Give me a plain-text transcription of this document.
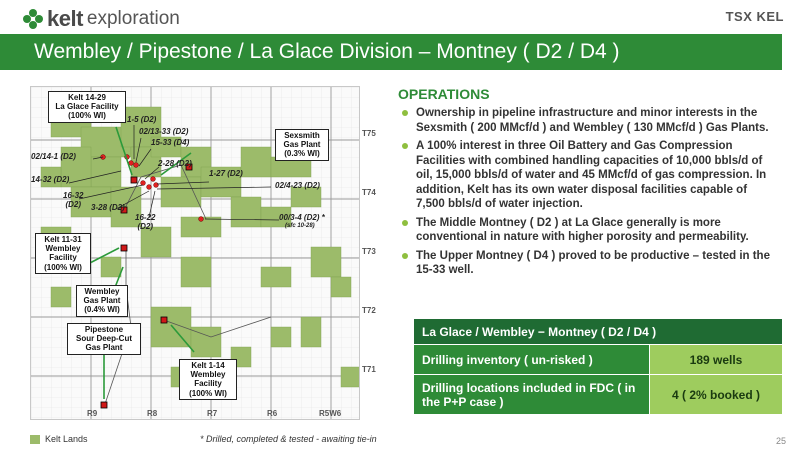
kelt exploration	TSX KEL
Wembley / Pipestone / La Glace Division – Montney ( D2 / D4 )
Kelt 14-29
La Glace Facility
(100% WI)
Sexsmith
Gas Plant
(0.3% WI)
Kelt 11-31
Wembley
Facility
(100% WI)
Wembley
Gas Plant
(0.4% WI)
Pipestone
Sour Deep-Cut
Gas Plant
Kelt 1-14
Wembley
Facility
(100% WI)
1-5 (D2)
02/13-33 (D2)
15-33 (D4)
02/14-1 (D2)
2-28 (D2)
1-27 (D2)
14-32 (D2)
02/4-23 (D2)
16-32
(D2)	3-28 (D2)
16-22
(D2)
00/3-4 (D2) *
(sfc 10-28)
R9	R8	R7	R6	R5W6
T75
T74
T73
T72
T71
Kelt Lands	* Drilled, completed & tested - awaiting tie-in
OPERATIONS
Ownership in pipeline infrastructure and minor interests in the Sexsmith ( 200 MMcf/d ) and Wembley ( 130 MMcf/d ) Gas Plants.
A 100% interest in three Oil Battery and Gas Compression Facilities with combined handling capacities of 10,000 bbls/d of oil, 15,000 bbls/d of water and 45 MMcf/d of gas compression. In addition, Kelt has its own water disposal facilities capable of 7,500 bbls/d of water injection.
The Middle Montney ( D2 ) at La Glace generally is more conventional in nature with higher porosity and permeability.
The Upper Montney ( D4 ) proved to be productive – tested in the 15-33 well.
La Glace / Wembley − Montney ( D2 / D4 )	
Drilling inventory ( un-risked )	189 wells
Drilling locations included in FDC ( in the P+P case )	4 ( 2% booked )
25
